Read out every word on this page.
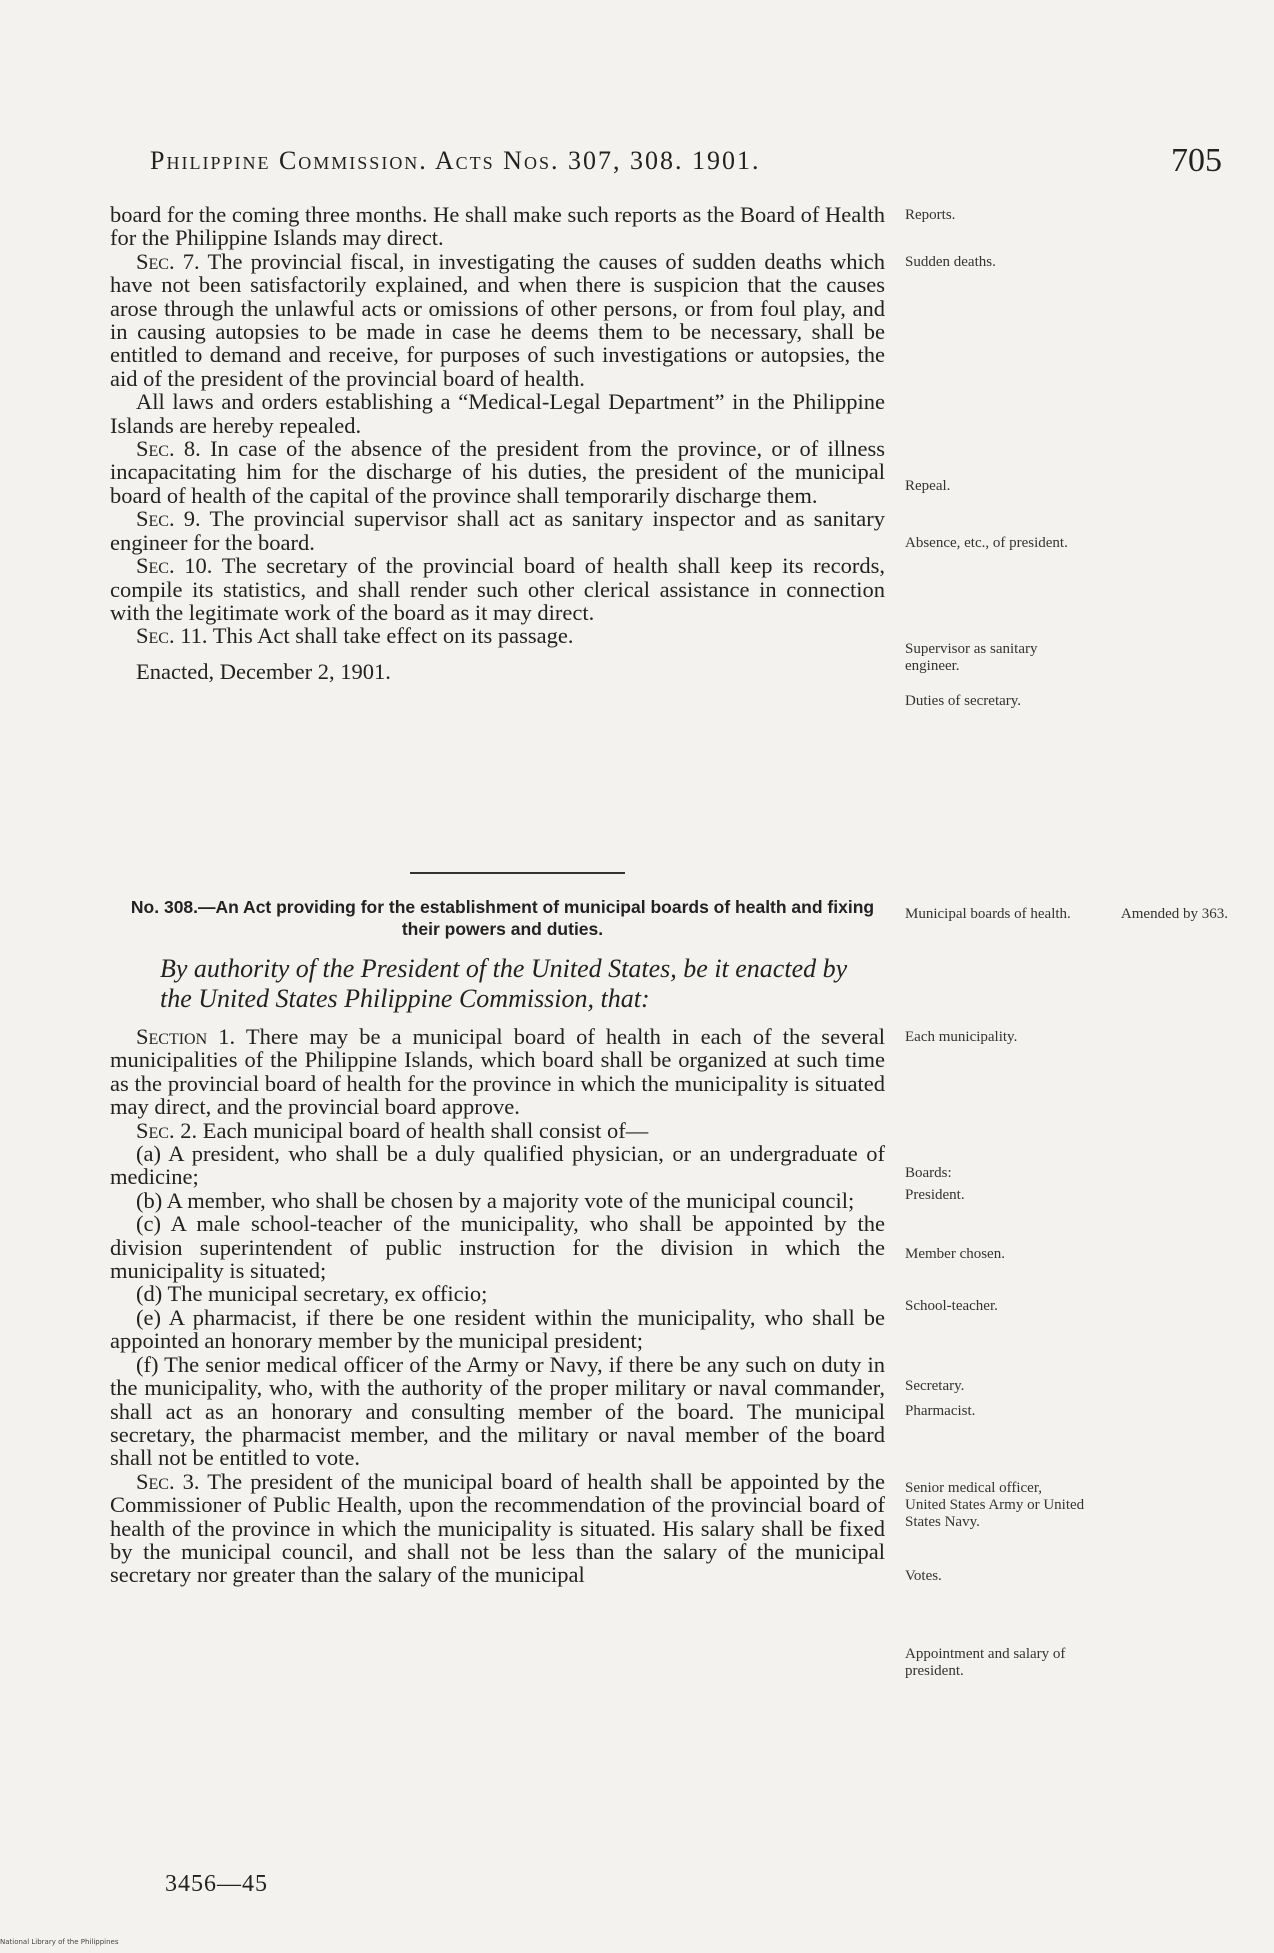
Philippine Commission. Acts Nos. 307, 308. 1901.	705

board for the coming three months. He shall make such reports as the Board of Health for the Philippine Islands may direct.

Sec. 7. The provincial fiscal, in investigating the causes of sudden deaths which have not been satisfactorily explained, and when there is suspicion that the causes arose through the unlawful acts or omissions of other persons, or from foul play, and in causing autopsies to be made in case he deems them to be necessary, shall be entitled to demand and receive, for purposes of such investigations or autopsies, the aid of the president of the provincial board of health.

All laws and orders establishing a “Medical-Legal Department” in the Philippine Islands are hereby repealed.

Sec. 8. In case of the absence of the president from the province, or of illness incapacitating him for the discharge of his duties, the president of the municipal board of health of the capital of the province shall temporarily discharge them.

Sec. 9. The provincial supervisor shall act as sanitary inspector and as sanitary engineer for the board.

Sec. 10. The secretary of the provincial board of health shall keep its records, compile its statistics, and shall render such other clerical assistance in connection with the legitimate work of the board as it may direct.

Sec. 11. This Act shall take effect on its passage.

Enacted, December 2, 1901.

No. 308.—An Act providing for the establishment of municipal boards of health and fixing their powers and duties.
By authority of the President of the United States, be it enacted by the United States Philippine Commission, that:

Section 1. There may be a municipal board of health in each of the several municipalities of the Philippine Islands, which board shall be organized at such time as the provincial board of health for the province in which the municipality is situated may direct, and the provincial board approve.

Sec. 2. Each municipal board of health shall consist of—

(a) A president, who shall be a duly qualified physician, or an undergraduate of medicine;

(b) A member, who shall be chosen by a majority vote of the municipal council;

(c) A male school-teacher of the municipality, who shall be appointed by the division superintendent of public instruction for the division in which the municipality is situated;

(d) The municipal secretary, ex officio;

(e) A pharmacist, if there be one resident within the municipality, who shall be appointed an honorary member by the municipal president;

(f) The senior medical officer of the Army or Navy, if there be any such on duty in the municipality, who, with the authority of the proper military or naval commander, shall act as an honorary and consulting member of the board. The municipal secretary, the pharmacist member, and the military or naval member of the board shall not be entitled to vote.

Sec. 3. The president of the municipal board of health shall be appointed by the Commissioner of Public Health, upon the recommendation of the provincial board of health of the province in which the municipality is situated. His salary shall be fixed by the municipal council, and shall not be less than the salary of the municipal secretary nor greater than the salary of the municipal

Reports.
Sudden deaths.
Repeal.
Absence, etc., of president.
Supervisor as sanitary engineer.
Duties of secretary.
Municipal boards of health.
Each municipality.
Boards:
President.
Member chosen.
School-teacher.
Secretary.
Pharmacist.
Senior medical officer, United States Army or United States Navy.
Votes.
Appointment and salary of president.
Amended by 363.
3456—45
National Library of the Philippines
